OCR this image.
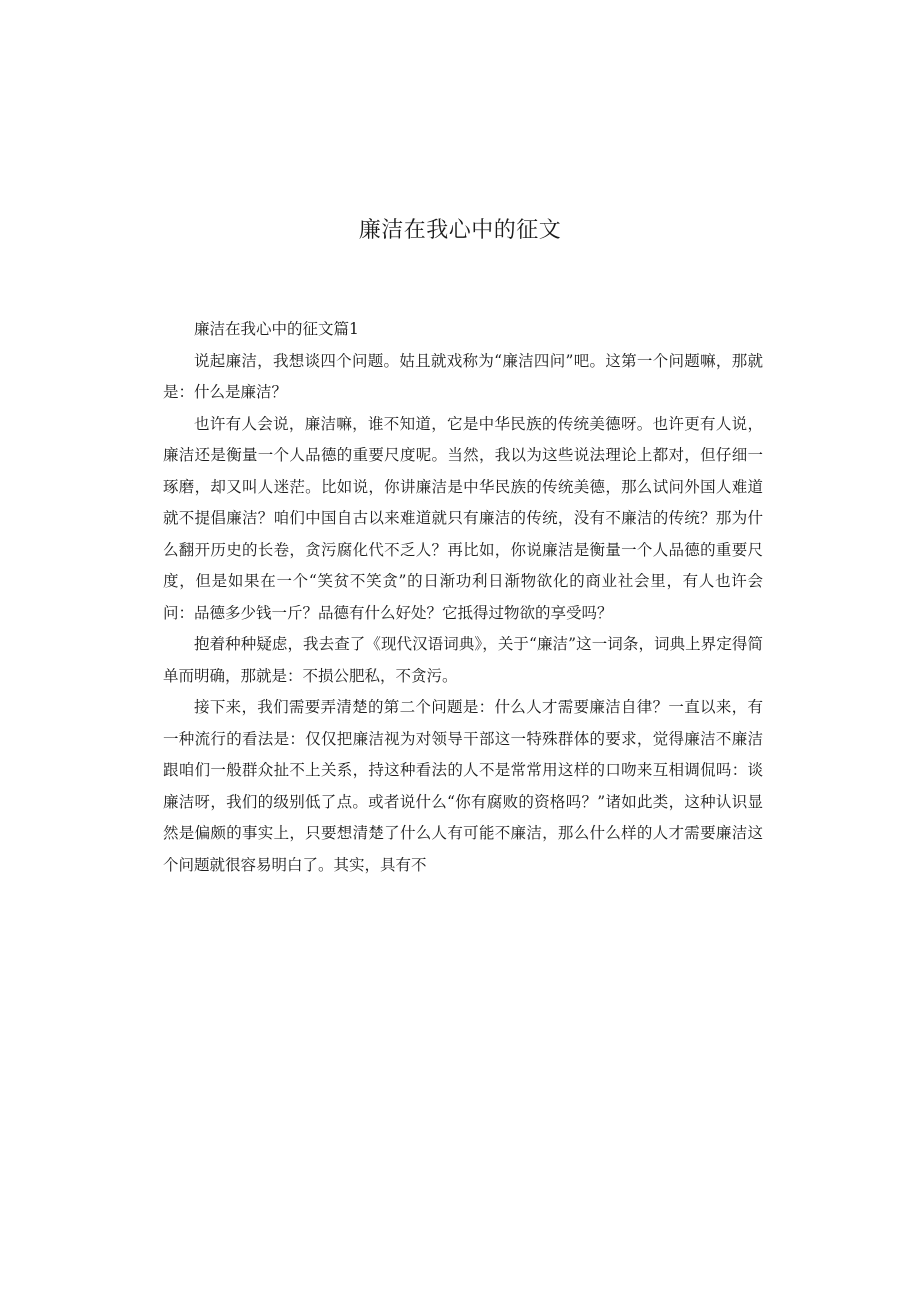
廉洁在我心中的征文

廉洁在我心中的征文篇1

说起廉洁，我想谈四个问题。姑且就戏称为“廉洁四问”吧。这第一个问题嘛，那就是：什么是廉洁？

也许有人会说，廉洁嘛，谁不知道，它是中华民族的传统美德呀。也许更有人说，廉洁还是衡量一个人品德的重要尺度呢。当然，我以为这些说法理论上都对，但仔细一琢磨，却又叫人迷茫。比如说，你讲廉洁是中华民族的传统美德，那么试问外国人难道就不提倡廉洁？咱们中国自古以来难道就只有廉洁的传统，没有不廉洁的传统？那为什么翻开历史的长卷，贪污腐化代不乏人？再比如，你说廉洁是衡量一个人品德的重要尺度，但是如果在一个“笑贫不笑贪”的日渐功利日渐物欲化的商业社会里，有人也许会问：品德多少钱一斤？品德有什么好处？它抵得过物欲的享受吗？

抱着种种疑虑，我去查了《现代汉语词典》，关于“廉洁”这一词条，词典上界定得简单而明确，那就是：不损公肥私，不贪污。

接下来，我们需要弄清楚的第二个问题是：什么人才需要廉洁自律？一直以来，有一种流行的看法是：仅仅把廉洁视为对领导干部这一特殊群体的要求，觉得廉洁不廉洁跟咱们一般群众扯不上关系，持这种看法的人不是常常用这样的口吻来互相调侃吗：谈廉洁呀，我们的级别低了点。或者说什么“你有腐败的资格吗？”诸如此类，这种认识显然是偏颇的事实上，只要想清楚了什么人有可能不廉洁，那么什么样的人才需要廉洁这个问题就很容易明白了。其实，具有不
